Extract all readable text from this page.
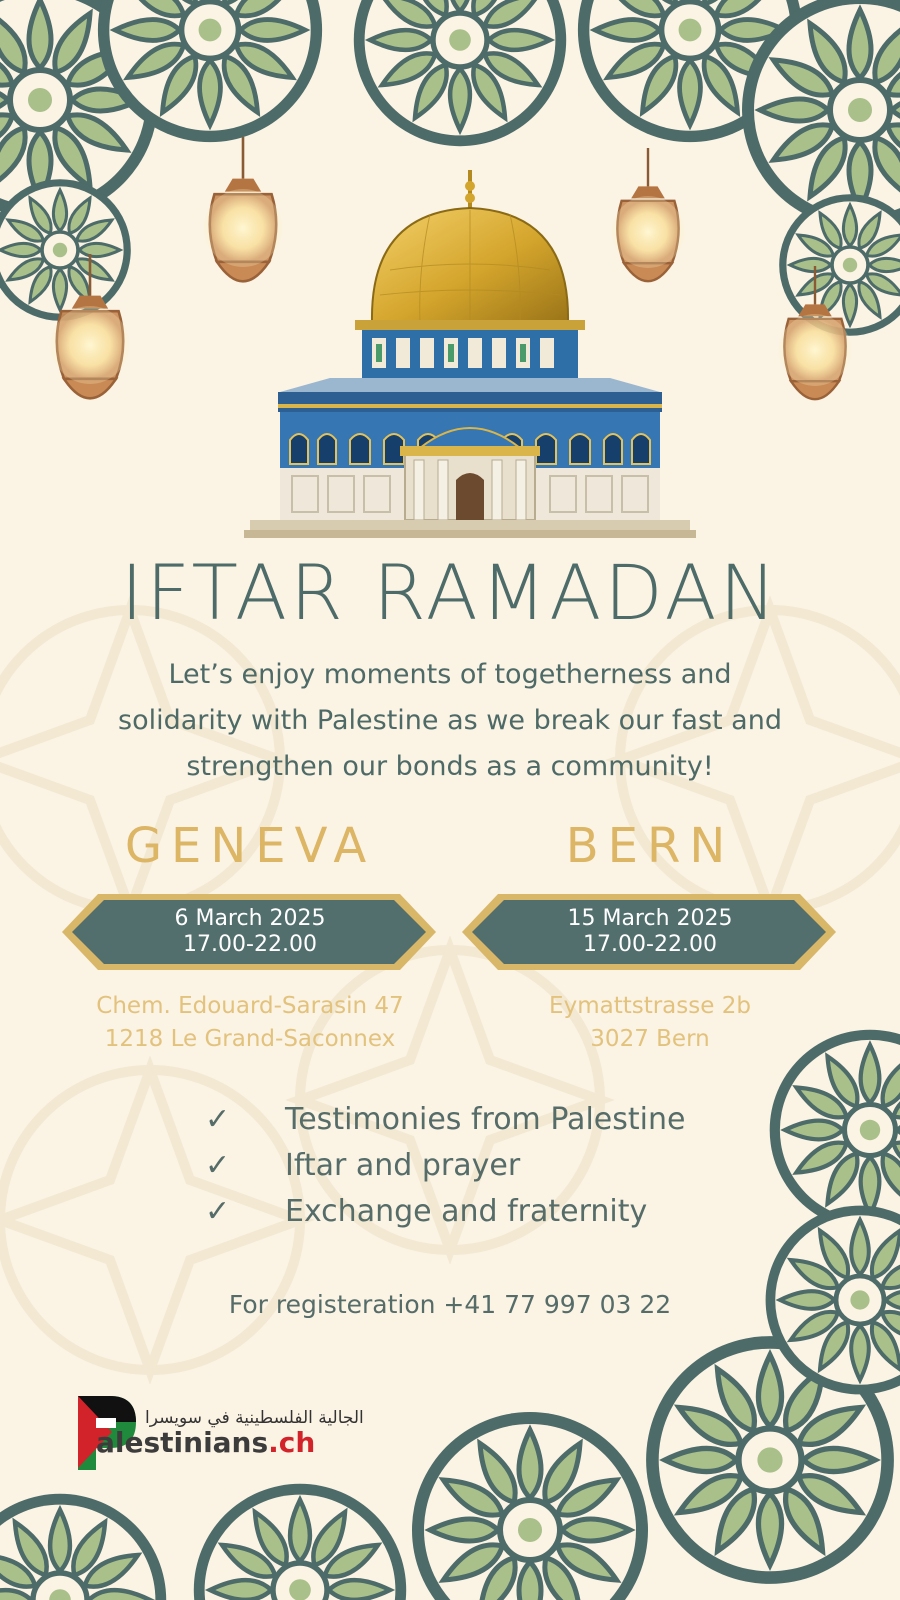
IFTAR RAMADAN
Let’s enjoy moments of togetherness and
solidarity with Palestine as we break our fast and
strengthen our bonds as a community!
GENEVA
6 March 2025
17.00-22.00
Chem. Edouard-Sarasin 47
1218 Le Grand-Saconnex
BERN
15 March 2025
17.00-22.00
Eymattstrasse 2b
3027 Bern
✓	Testimonies from Palestine
✓	Iftar and prayer
✓	Exchange and fraternity
For registeration +41 77 997 03 22
الجالية الفلسطينية في سويسرا
alestinians.ch
